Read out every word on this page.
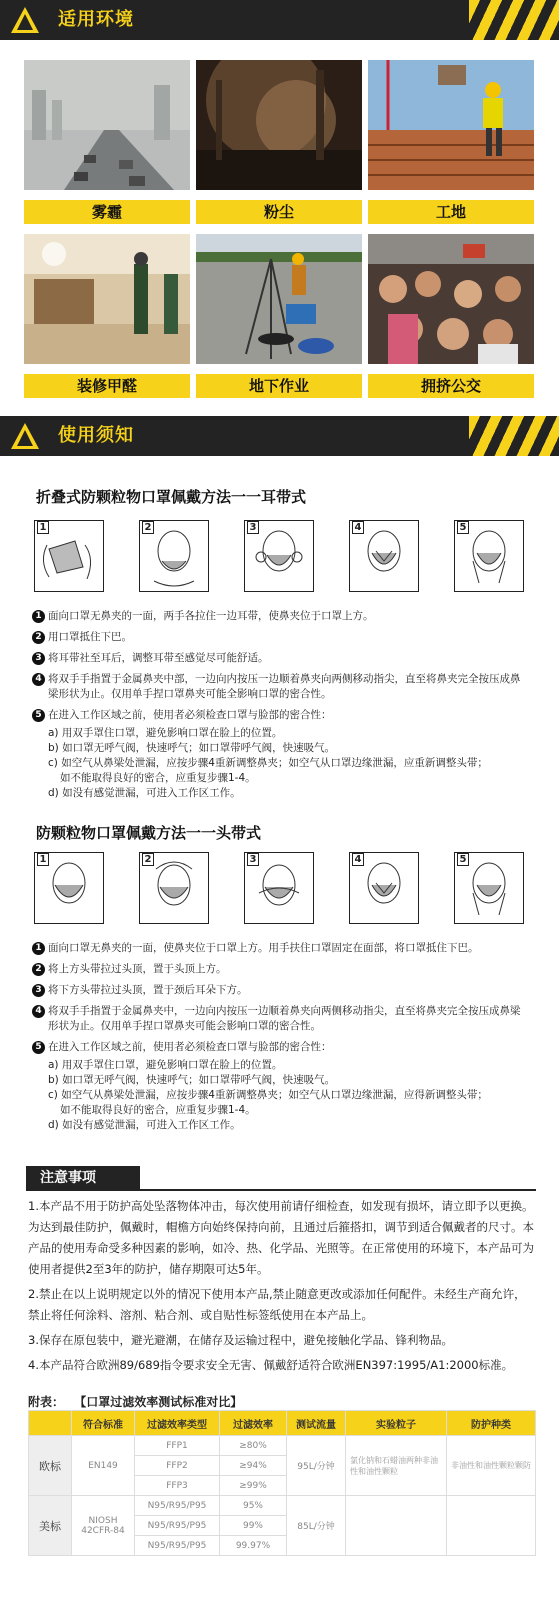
适用环境
雾霾	粉尘	工地
装修甲醛	地下作业	拥挤公交
使用须知
折叠式防颗粒物口罩佩戴方法一一耳带式
1	2	3	4	5
1 面向口罩无鼻夹的一面，两手各拉住一边耳带，使鼻夹位于口罩上方。
2 用口罩抵住下巴。
3 将耳带社至耳后，调整耳带至感觉尽可能舒适。
4 将双手手指置于金属鼻夹中部，一边向内按压一边顺着鼻夹向两侧移动指尖，直至将鼻夹完全按压成鼻梁形状为止。仅用单手捏口罩鼻夹可能全影响口罩的密合性。
5 在进入工作区域之前，使用者必须检查口罩与脸部的密合性：
a) 用双手罩住口罩，避免影响口罩在脸上的位置。
b) 如口罩无呼气阀，快速呼气；如口罩带呼气阀，快速吸气。
c) 如空气从鼻梁处泄漏，应按步骤4重新调整鼻夹；如空气从口罩边缘泄漏，应重新调整头带；
如不能取得良好的密合，应重复步骤1-4。
d) 如没有感觉泄漏，可进入工作区工作。
防颗粒物口罩佩戴方法一一头带式
1	2	3	4	5
1 面向口罩无鼻夹的一面，使鼻夹位于口罩上方。用手扶住口罩固定在面部，将口罩抵住下巴。
2 将上方头带拉过头顶，置于头顶上方。
3 将下方头带拉过头顶，置于颈后耳朵下方。
4 将双手手指置于金属鼻夹中，一边向内按压一边顺着鼻夹向两侧移动指尖，直至将鼻夹完全按压成鼻梁形状为止。仅用单手捏口罩鼻夹可能会影响口罩的密合性。
5 在进入工作区域之前，使用者必须检查口罩与脸部的密合性：
a) 用双手罩住口罩，避免影响口罩在脸上的位置。
b) 如口罩无呼气阀，快速呼气；如口罩带呼气阀，快速吸气。
c) 如空气从鼻梁处泄漏，应按步骤4重新调整鼻夹；如空气从口罩边缘泄漏，应得新调整头带；
如不能取得良好的密合，应重复步骤1-4。
d) 如没有感觉泄漏，可进入工作区工作。
注意事项

1.本产品不用于防护高处坠落物体冲击，每次使用前请仔细检查，如发现有损坏，请立即予以更换。为达到最佳防护，佩戴时，帽檐方向始终保持向前，且通过后箍搭扣，调节到适合佩戴者的尺寸。本产品的使用寿命受多种因素的影响，如冷、热、化学品、光照等。在正常使用的环境下，本产品可为使用者提供2至3年的防护，储存期限可达5年。

2.禁止在以上说明规定以外的情况下使用本产品,禁止随意更改或添加任何配件。未经生产商允许，禁止将任何涂料、溶剂、粘合剂、或自贴性标签纸使用在本产品上。

3.保存在原包装中，避光避潮，在储存及运输过程中，避免接触化学品、锋利物品。

4.本产品符合欧洲89/689指令要求安全无害、佩戴舒适符合欧洲EN397:1995/A1:2000标准。

附表： 【口罩过滤效率测试标准对比】
	符合标准	过滤效率类型	过滤效率	测试流量	实验粒子	防护种类
欧标	EN149	FFP1	≥80%	95L/分钟	氯化钠和石蜡油两种非油性和油性颗粒	非油性和油性颗粒颗防
		FFP2	≥94%			
		FFP3	≥99%			
美标	NIOSH 42CFR-84	N95/R95/P95	95%	85L/分钟		
		N95/R95/P95	99%			
		N95/R95/P95	99.97%			
